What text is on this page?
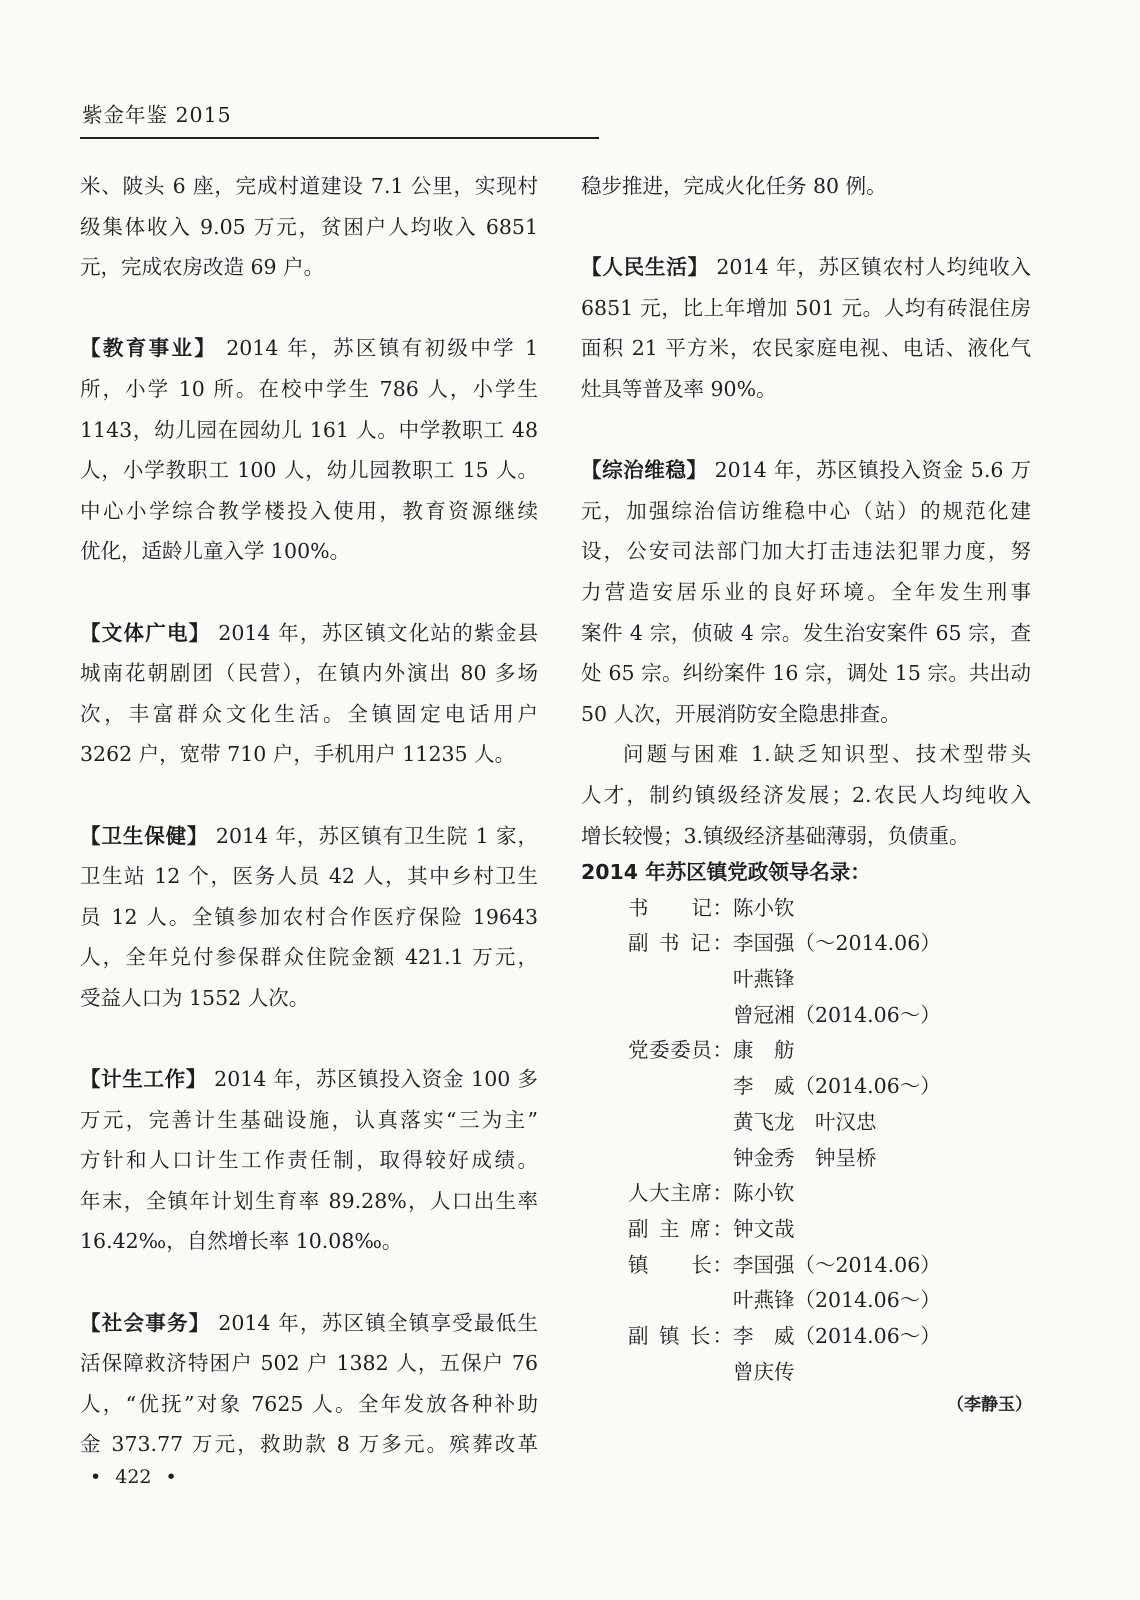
紫金年鉴 2015
米、陂头 6 座，完成村道建设 7.1 公里，实现村
级集体收入 9.05 万元，贫困户人均收入 6851
元，完成农房改造 69 户。
【教育事业】 2014 年，苏区镇有初级中学 1
所，小学 10 所。在校中学生 786 人，小学生
1143，幼儿园在园幼儿 161 人。中学教职工 48
人，小学教职工 100 人，幼儿园教职工 15 人。
中心小学综合教学楼投入使用，教育资源继续
优化，适龄儿童入学 100%。
【文体广电】 2014 年，苏区镇文化站的紫金县
城南花朝剧团（民营），在镇内外演出 80 多场
次，丰富群众文化生活。全镇固定电话用户
3262 户，宽带 710 户，手机用户 11235 人。
【卫生保健】 2014 年，苏区镇有卫生院 1 家，
卫生站 12 个，医务人员 42 人，其中乡村卫生
员 12 人。全镇参加农村合作医疗保险 19643
人，全年兑付参保群众住院金额 421.1 万元，
受益人口为 1552 人次。
【计生工作】 2014 年，苏区镇投入资金 100 多
万元，完善计生基础设施，认真落实“三为主”
方针和人口计生工作责任制，取得较好成绩。
年末，全镇年计划生育率 89.28%，人口出生率
16.42‰，自然增长率 10.08‰。
【社会事务】 2014 年，苏区镇全镇享受最低生
活保障救济特困户 502 户 1382 人，五保户 76
人，“优抚”对象 7625 人。全年发放各种补助
金 373.77 万元，救助款 8 万多元。殡葬改革
稳步推进，完成火化任务 80 例。
【人民生活】 2014 年，苏区镇农村人均纯收入
6851 元，比上年增加 501 元。人均有砖混住房
面积 21 平方米，农民家庭电视、电话、液化气
灶具等普及率 90%。
【综治维稳】 2014 年，苏区镇投入资金 5.6 万
元，加强综治信访维稳中心（站）的规范化建
设，公安司法部门加大打击违法犯罪力度，努
力营造安居乐业的良好环境。全年发生刑事
案件 4 宗，侦破 4 宗。发生治安案件 65 宗，查
处 65 宗。纠纷案件 16 宗，调处 15 宗。共出动
50 人次，开展消防安全隐患排查。
问题与困难 1.缺乏知识型、技术型带头
人才，制约镇级经济发展；2.农民人均纯收入
增长较慢；3.镇级经济基础薄弱，负债重。
2014 年苏区镇党政领导名录：
书　　记：陈小钦
副 书 记：李国强（～2014.06）
叶燕锋
曾冠湘（2014.06～）
党委委员：康　舫
李　威（2014.06～）
黄飞龙　叶汉忠
钟金秀　钟呈桥
人大主席：陈小钦
副 主 席：钟文哉
镇　　长：李国强（～2014.06）
叶燕锋（2014.06～）
副 镇 长：李　威（2014.06～）
曾庆传
（李静玉）
• 422 •
